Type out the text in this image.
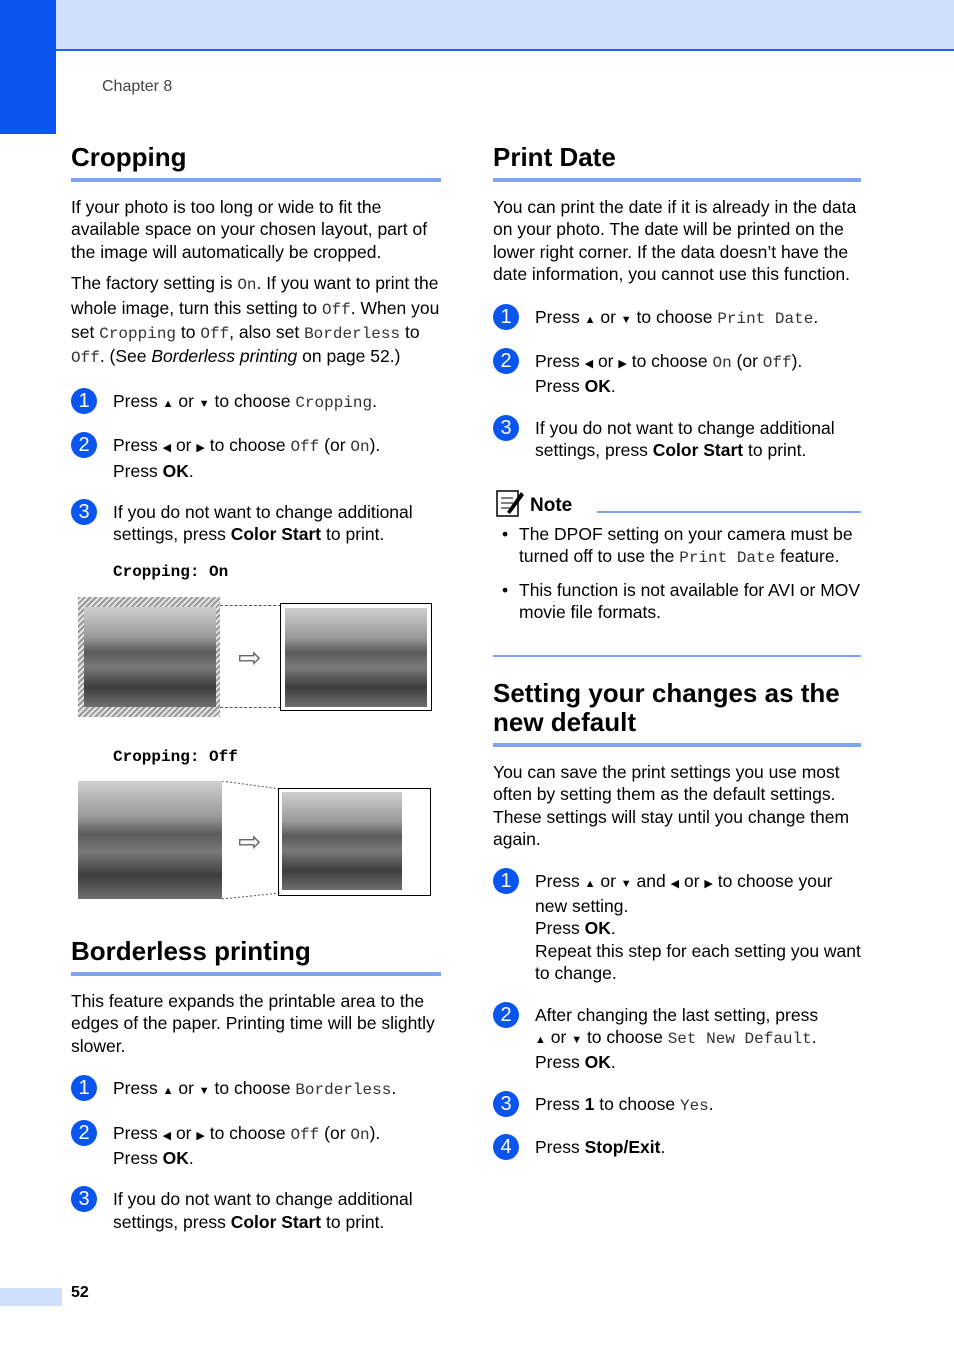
Chapter 8
Cropping

If your photo is too long or wide to fit the available space on your chosen layout, part of the image will automatically be cropped.

The factory setting is On. If you want to print the whole image, turn this setting to Off. When you set Cropping to Off, also set Borderless to Off. (See Borderless printing on page 52.)

1	Press ▲ or ▼ to choose Cropping.
2	Press ◀ or ▶ to choose Off (or On).
Press OK.
3	If you do not want to change additional settings, press Color Start to print.
Cropping: On
⇨
Cropping: Off
⇨
Borderless printing

This feature expands the printable area to the edges of the paper. Printing time will be slightly slower.

1	Press ▲ or ▼ to choose Borderless.
2	Press ◀ or ▶ to choose Off (or On).
Press OK.
3	If you do not want to change additional settings, press Color Start to print.
Print Date

You can print the date if it is already in the data on your photo. The date will be printed on the lower right corner. If the data doesn’t have the date information, you cannot use this function.

1	Press ▲ or ▼ to choose Print Date.
2	Press ◀ or ▶ to choose On (or Off).
Press OK.
3	If you do not want to change additional settings, press Color Start to print.
Note
• The DPOF setting on your camera must be turned off to use the Print Date feature.
• This function is not available for AVI or MOV movie file formats.
Setting your changes as the new default

You can save the print settings you use most often by setting them as the default settings. These settings will stay until you change them again.

1	Press ▲ or ▼ and ◀ or ▶ to choose your new setting.
Press OK.
Repeat this step for each setting you want to change.
2	After changing the last setting, press
▲ or ▼ to choose Set New Default.
Press OK.
3	Press 1 to choose Yes.
4	Press Stop/Exit.
52
